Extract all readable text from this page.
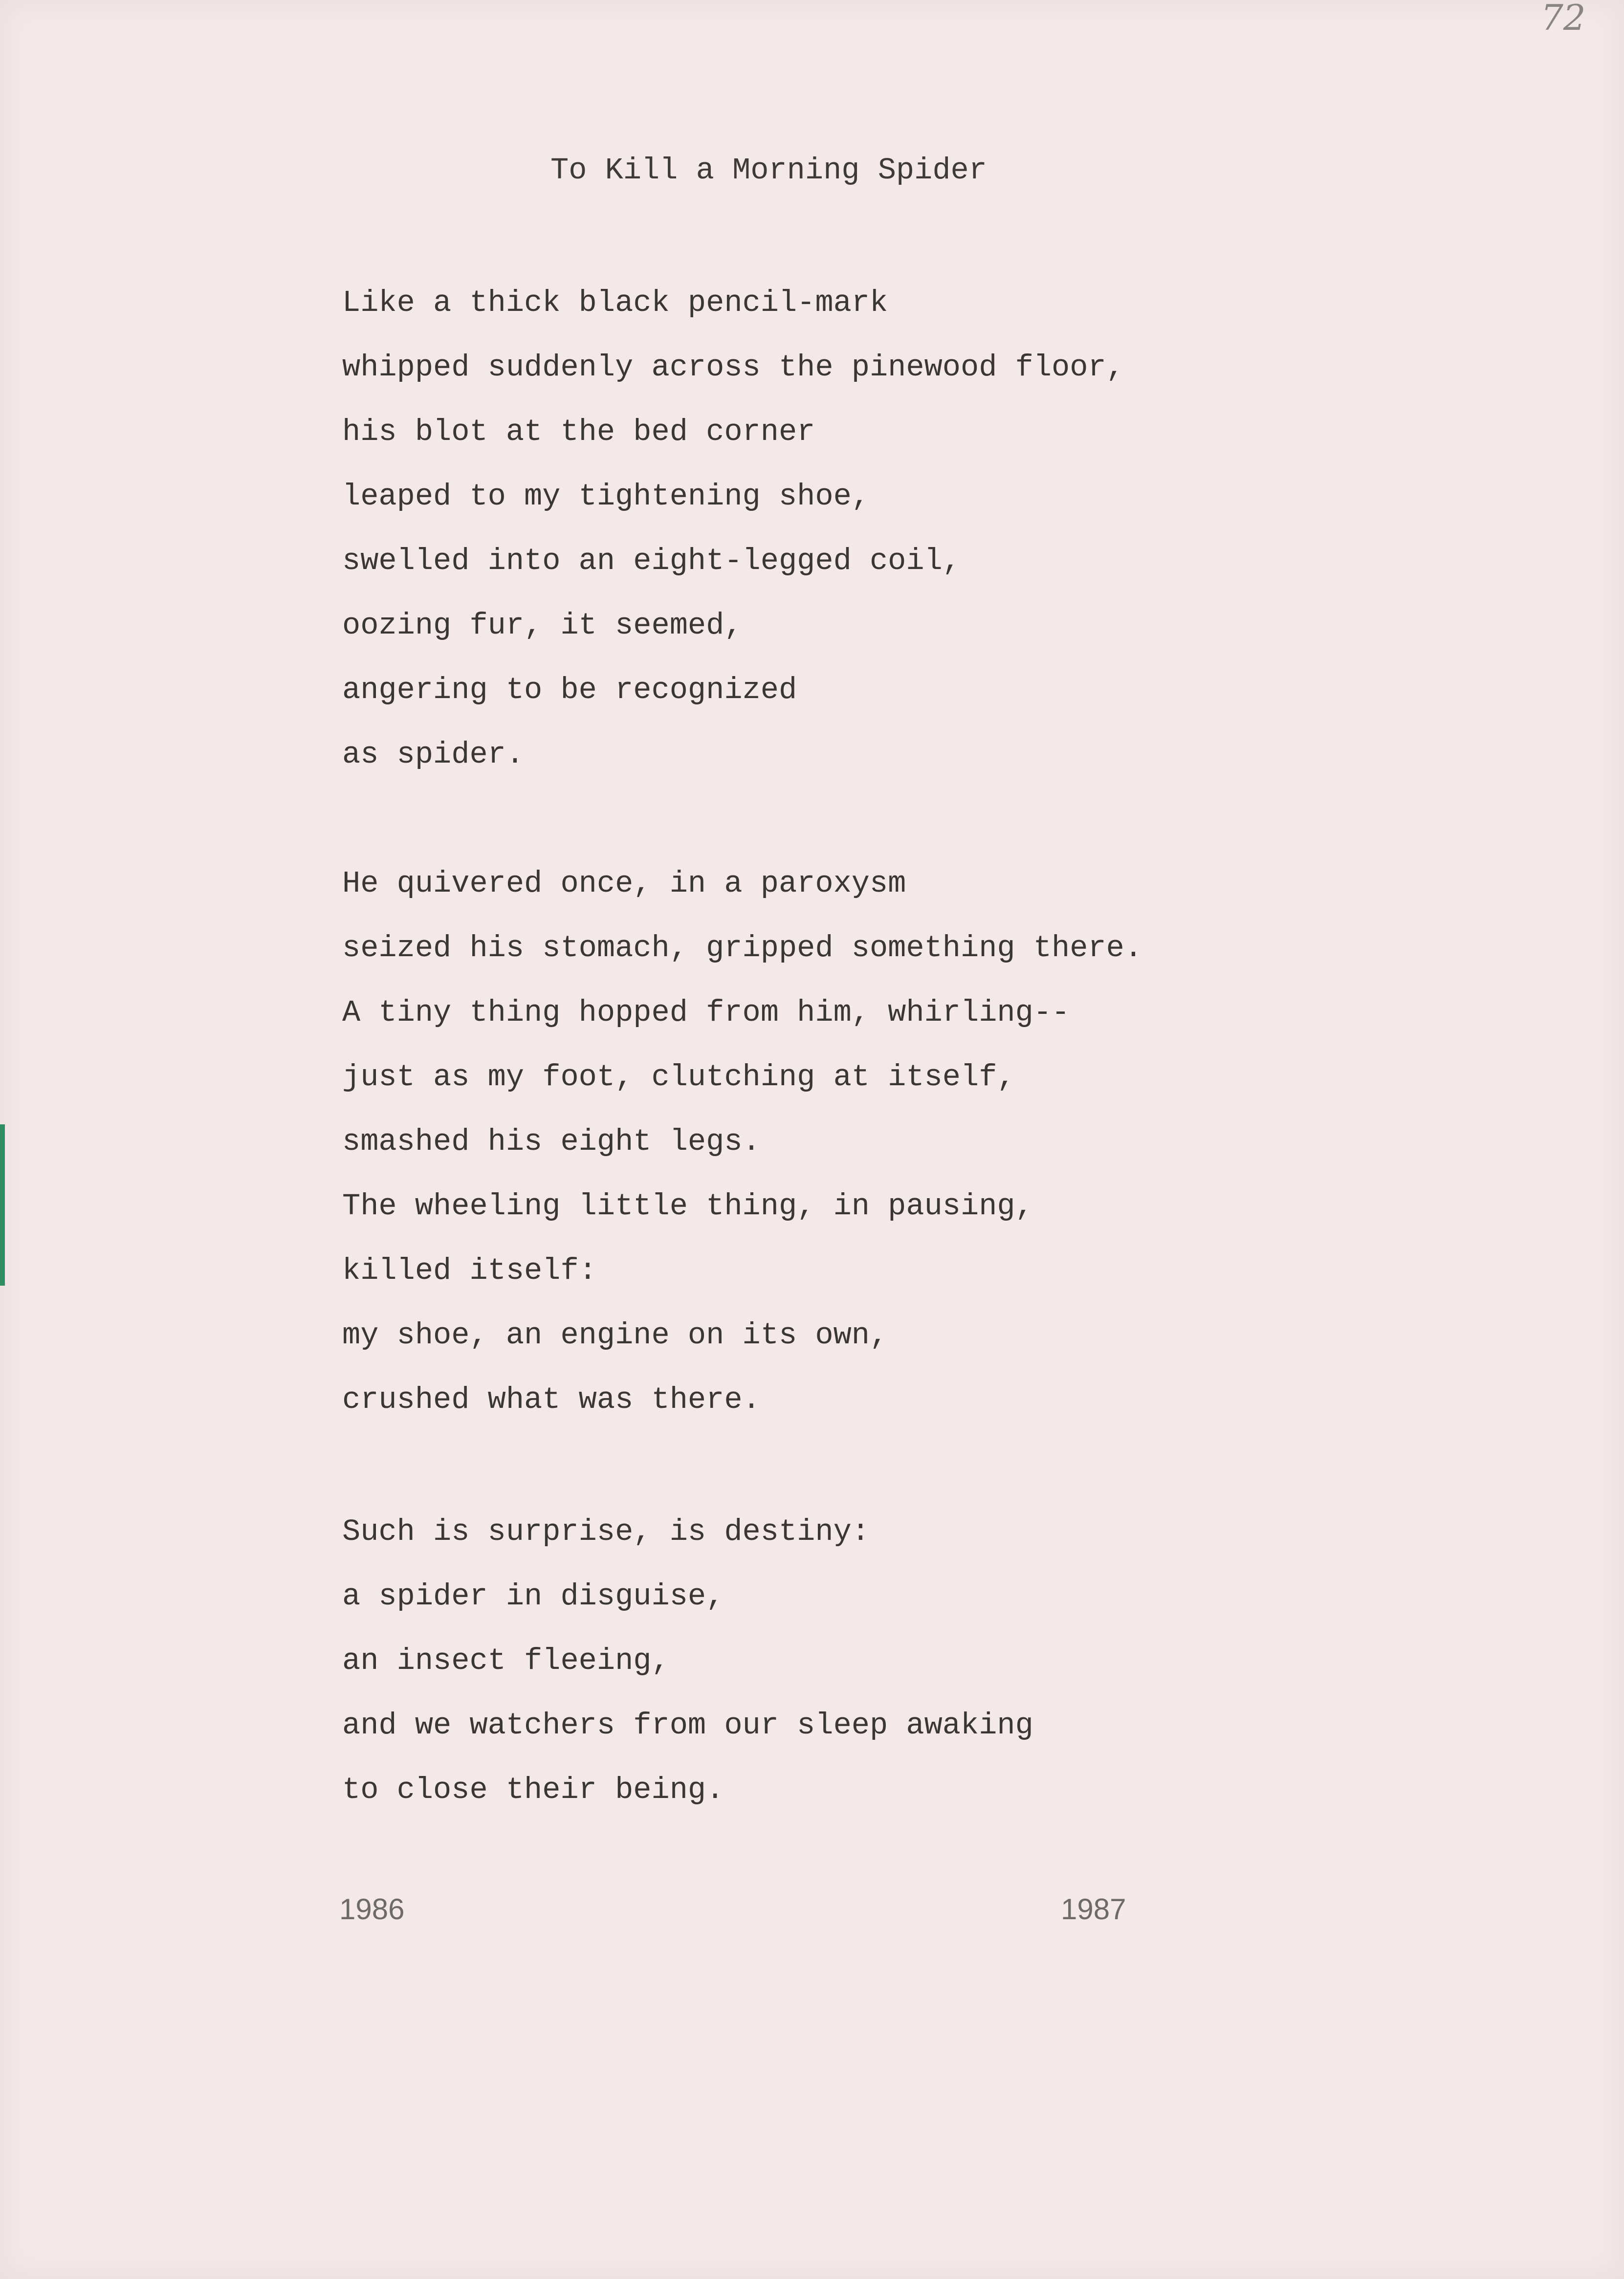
72
To Kill a Morning Spider
Like a thick black pencil-mark
whipped suddenly across the pinewood floor,
his blot at the bed corner
leaped to my tightening shoe,
swelled into an eight-legged coil,
oozing fur, it seemed,
angering to be recognized
as spider.
He quivered once, in a paroxysm
seized his stomach, gripped something there.
A tiny thing hopped from him, whirling--
just as my foot, clutching at itself,
smashed his eight legs.
The wheeling little thing, in pausing,
killed itself:
my shoe, an engine on its own,
crushed what was there.
Such is surprise, is destiny:
a spider in disguise,
an insect fleeing,
and we watchers from our sleep awaking
to close their being.
1986	1987
